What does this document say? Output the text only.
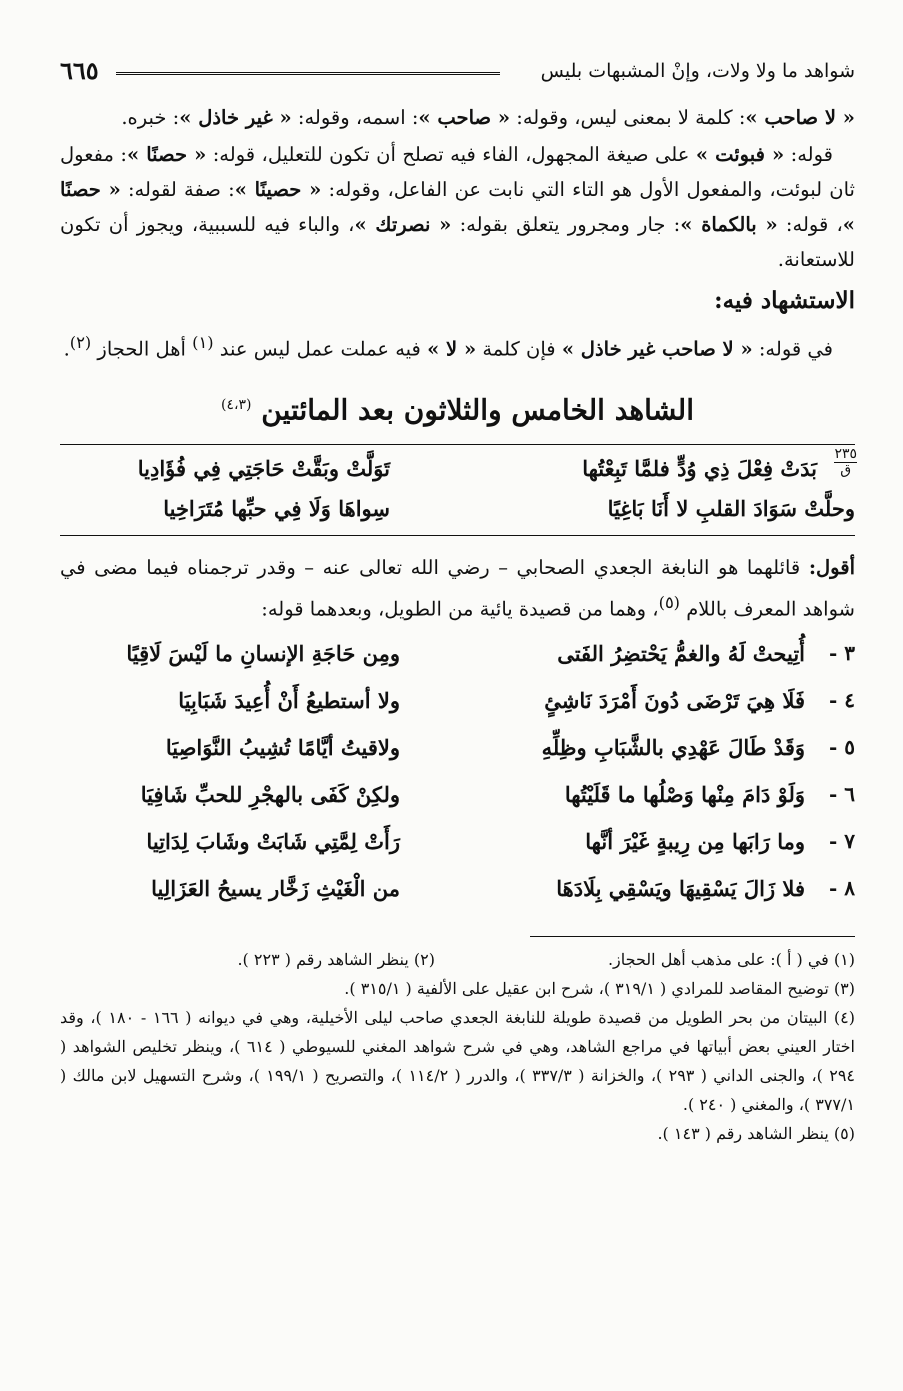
شواهد ما ولا ولات، وإنْ المشبهات بليس
٦٦٥

« لا صاحب »: كلمة لا بمعنى ليس، وقوله: « صاحب »: اسمه، وقوله: « غير خاذل »: خبره.

قوله: « فبوئت » على صيغة المجهول، الفاء فيه تصلح أن تكون للتعليل، قوله: « حصنًا »: مفعول ثان لبوئت، والمفعول الأول هو التاء التي نابت عن الفاعل، وقوله: « حصينًا »: صفة لقوله: « حصنًا »، قوله: « بالكماة »: جار ومجرور يتعلق بقوله: « نصرتك »، والباء فيه للسببية، ويجوز أن تكون للاستعانة.

الاستشهاد فيه:

في قوله: « لا صاحب غير خاذل » فإن كلمة « لا » فيه عملت عمل ليس عند $^{(١)}$ أهل الحجاز $^{(٢)}$.

الشاهد الخامس والثلاثون بعد المائتين $^{(٤،٣)}$
٢٣٥
ق
بَدَتْ فِعْلَ ذِي وُدٍّ فلمَّا تَبِعْتُها
تَوَلَّتْ وبَقَّتْ حَاجَتِي فِي فُؤَادِيا
وحلَّتْ سَوَادَ القلبِ لا أَنَا بَاغِيًا
سِواهَا وَلَا فِي حبِّها مُتَرَاخِيا

أقول: قائلهما هو النابغة الجعدي الصحابي – رضي الله تعالى عنه – وقدر ترجمناه فيما مضى في شواهد المعرف باللام $^{(٥)}$، وهما من قصيدة يائية من الطويل، وبعدهما قوله:

٣ -
أُتِيحتْ لَهُ والغمُّ يَحْتضِرُ الفَتى
ومِن حَاجَةِ الإنسانِ ما لَيْسَ لَاقِيًا
٤ -
فَلَا هِيَ تَرْضَى دُونَ أَمْرَدَ نَاشِئٍ
ولا أستطيعُ أَنْ أُعِيدَ شَبَابِيَا
٥ -
وَقَدْ طَالَ عَهْدِي بالشَّبَابِ وظِلِّهِ
ولاقيتُ أيَّامًا تُشِيبُ النَّوَاصِيَا
٦ -
وَلَوْ دَامَ مِنْها وَصْلُها ما قَلَيْتُها
ولكِنْ كَفَى بالهجْرِ للحبِّ شَافِيَا
٧ -
وما رَابَها مِن رِيبةٍ غَيْرَ أنَّها
رَأَتْ لِمَّتِي شَابَتْ وشَابَ لِدَاتِيا
٨ -
فلا زَالَ يَسْقِيهَا ويَسْقِي بِلَادَهَا
من الْغَيْثِ زَخَّار يسيحُ العَزَالِيا
(١) في ( أ ): على مذهب أهل الحجاز.
(٢) ينظر الشاهد رقم ( ٢٢٣ ).
(٣) توضيح المقاصد للمرادي ( ٣١٩/١ )، شرح ابن عقيل على الألفية ( ٣١٥/١ ).
(٤) البيتان من بحر الطويل من قصيدة طويلة للنابغة الجعدي صاحب ليلى الأخيلية، وهي في ديوانه ( ١٦٦ - ١٨٠ )، وقد اختار العيني بعض أبياتها في مراجع الشاهد، وهي في شرح شواهد المغني للسيوطي ( ٦١٤ )، وينظر تخليص الشواهد ( ٢٩٤ )، والجنى الداني ( ٢٩٣ )، والخزانة ( ٣٣٧/٣ )، والدرر ( ١١٤/٢ )، والتصريح ( ١٩٩/١ )، وشرح التسهيل لابن مالك ( ٣٧٧/١ )، والمغني ( ٢٤٠ ).
(٥) ينظر الشاهد رقم ( ١٤٣ ).
